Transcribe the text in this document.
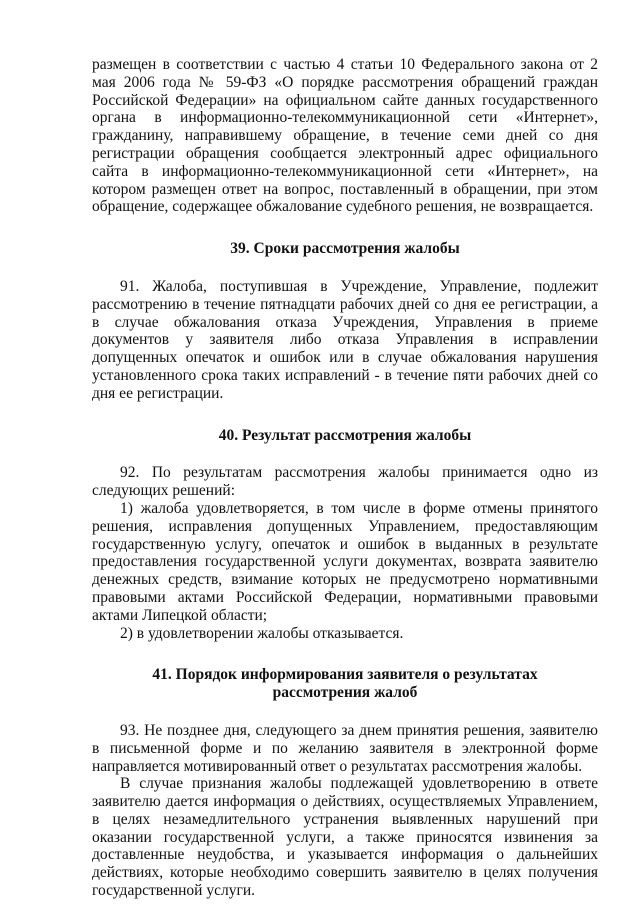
размещен в соответствии с частью 4 статьи 10 Федерального закона от 2 мая 2006 года № 59-ФЗ «О порядке рассмотрения обращений граждан Российской Федерации» на официальном сайте данных государственного органа в информационно-телекоммуникационной сети «Интернет», гражданину, направившему обращение, в течение семи дней со дня регистрации обращения сообщается электронный адрес официального сайта в информационно-телекоммуникационной сети «Интернет», на котором размещен ответ на вопрос, поставленный в обращении, при этом обращение, содержащее обжалование судебного решения, не возвращается.

39. Сроки рассмотрения жалобы

91. Жалоба, поступившая в Учреждение, Управление, подлежит рассмотрению в течение пятнадцати рабочих дней со дня ее регистрации, а в случае обжалования отказа Учреждения, Управления в приеме документов у заявителя либо отказа Управления в исправлении допущенных опечаток и ошибок или в случае обжалования нарушения установленного срока таких исправлений - в течение пяти рабочих дней со дня ее регистрации.

40. Результат рассмотрения жалобы

92. По результатам рассмотрения жалобы принимается одно из следующих решений:

1) жалоба удовлетворяется, в том числе в форме отмены принятого решения, исправления допущенных Управлением, предоставляющим государственную услугу, опечаток и ошибок в выданных в результате предоставления государственной услуги документах, возврата заявителю денежных средств, взимание которых не предусмотрено нормативными правовыми актами Российской Федерации, нормативными правовыми актами Липецкой области;

2) в удовлетворении жалобы отказывается.

41. Порядок информирования заявителя о результатах

рассмотрения жалоб

93. Не позднее дня, следующего за днем принятия решения, заявителю в письменной форме и по желанию заявителя в электронной форме направляется мотивированный ответ о результатах рассмотрения жалобы.

В случае признания жалобы подлежащей удовлетворению в ответе заявителю дается информация о действиях, осуществляемых Управлением, в целях незамедлительного устранения выявленных нарушений при оказании государственной услуги, а также приносятся извинения за доставленные неудобства, и указывается информация о дальнейших действиях, которые необходимо совершить заявителю в целях получения государственной услуги.
